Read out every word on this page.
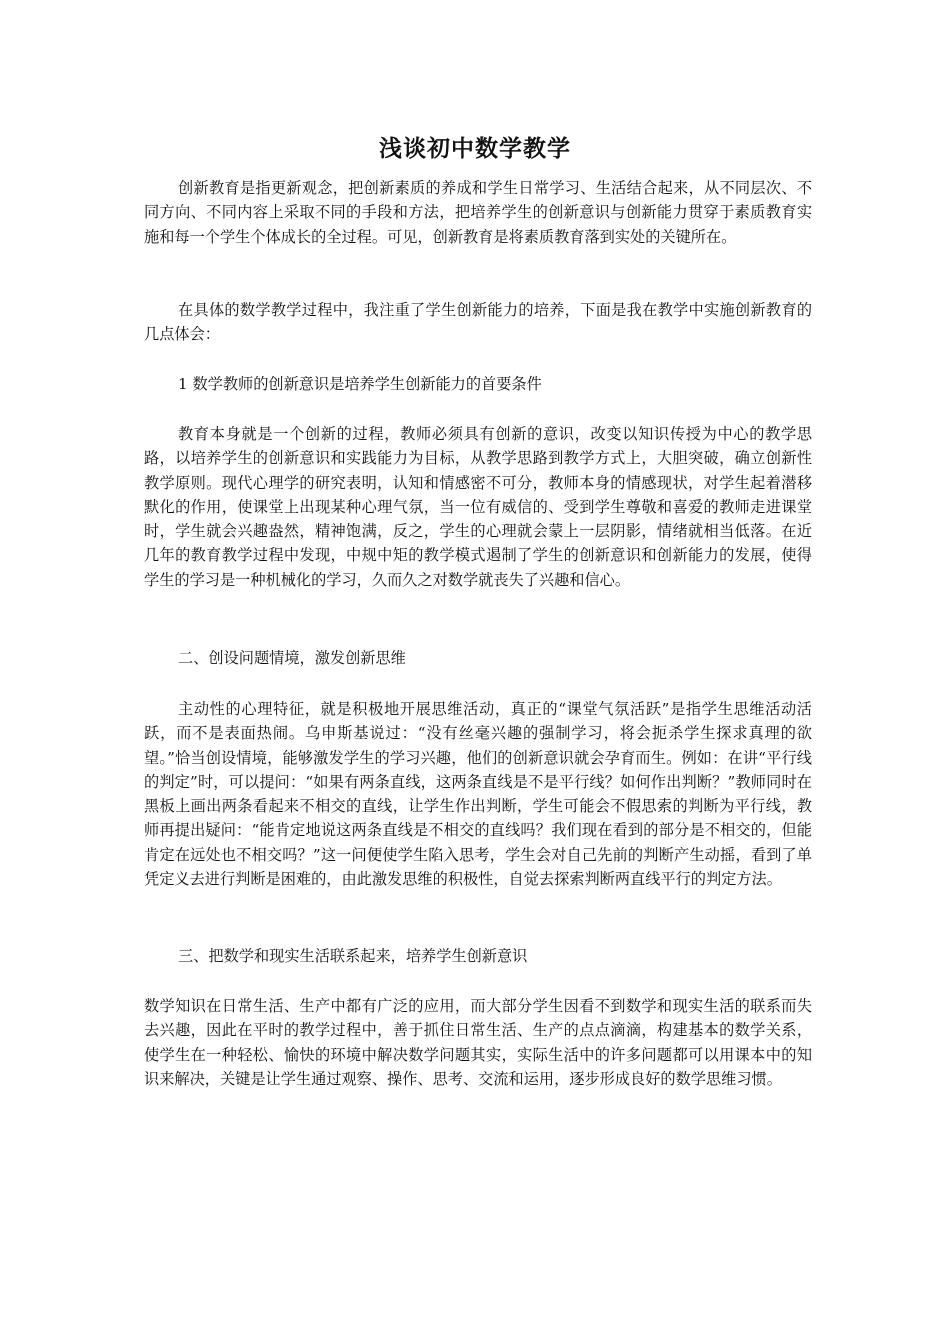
浅谈初中数学教学

创新教育是指更新观念，把创新素质的养成和学生日常学习、生活结合起来，从不同层次、不同方向、不同内容上采取不同的手段和方法，把培养学生的创新意识与创新能力贯穿于素质教育实施和每一个学生个体成长的全过程。可见，创新教育是将素质教育落到实处的关键所在。

在具体的数学教学过程中，我注重了学生创新能力的培养，下面是我在教学中实施创新教育的几点体会：

1 数学教师的创新意识是培养学生创新能力的首要条件

教育本身就是一个创新的过程，教师必须具有创新的意识，改变以知识传授为中心的教学思路，以培养学生的创新意识和实践能力为目标，从教学思路到教学方式上，大胆突破，确立创新性教学原则。现代心理学的研究表明，认知和情感密不可分，教师本身的情感现状，对学生起着潜移默化的作用，使课堂上出现某种心理气氛，当一位有威信的、受到学生尊敬和喜爱的教师走进课堂时，学生就会兴趣盎然，精神饱满，反之，学生的心理就会蒙上一层阴影，情绪就相当低落。在近几年的教育教学过程中发现，中规中矩的教学模式遏制了学生的创新意识和创新能力的发展，使得学生的学习是一种机械化的学习，久而久之对数学就丧失了兴趣和信心。

二、创设问题情境，激发创新思维

主动性的心理特征，就是积极地开展思维活动，真正的“课堂气氛活跃”是指学生思维活动活跃，而不是表面热闹。乌申斯基说过：“没有丝毫兴趣的强制学习，将会扼杀学生探求真理的欲望。”恰当创设情境，能够激发学生的学习兴趣，他们的创新意识就会孕育而生。例如：在讲“平行线的判定”时，可以提问：“如果有两条直线，这两条直线是不是平行线？如何作出判断？”教师同时在黑板上画出两条看起来不相交的直线，让学生作出判断，学生可能会不假思索的判断为平行线，教师再提出疑问：“能肯定地说这两条直线是不相交的直线吗？我们现在看到的部分是不相交的，但能肯定在远处也不相交吗？”这一问便使学生陷入思考，学生会对自己先前的判断产生动摇，看到了单凭定义去进行判断是困难的，由此激发思维的积极性，自觉去探索判断两直线平行的判定方法。

三、把数学和现实生活联系起来，培养学生创新意识

数学知识在日常生活、生产中都有广泛的应用，而大部分学生因看不到数学和现实生活的联系而失去兴趣，因此在平时的教学过程中，善于抓住日常生活、生产的点点滴滴，构建基本的数学关系，使学生在一种轻松、愉快的环境中解决数学问题其实，实际生活中的许多问题都可以用课本中的知识来解决，关键是让学生通过观察、操作、思考、交流和运用，逐步形成良好的数学思维习惯。
